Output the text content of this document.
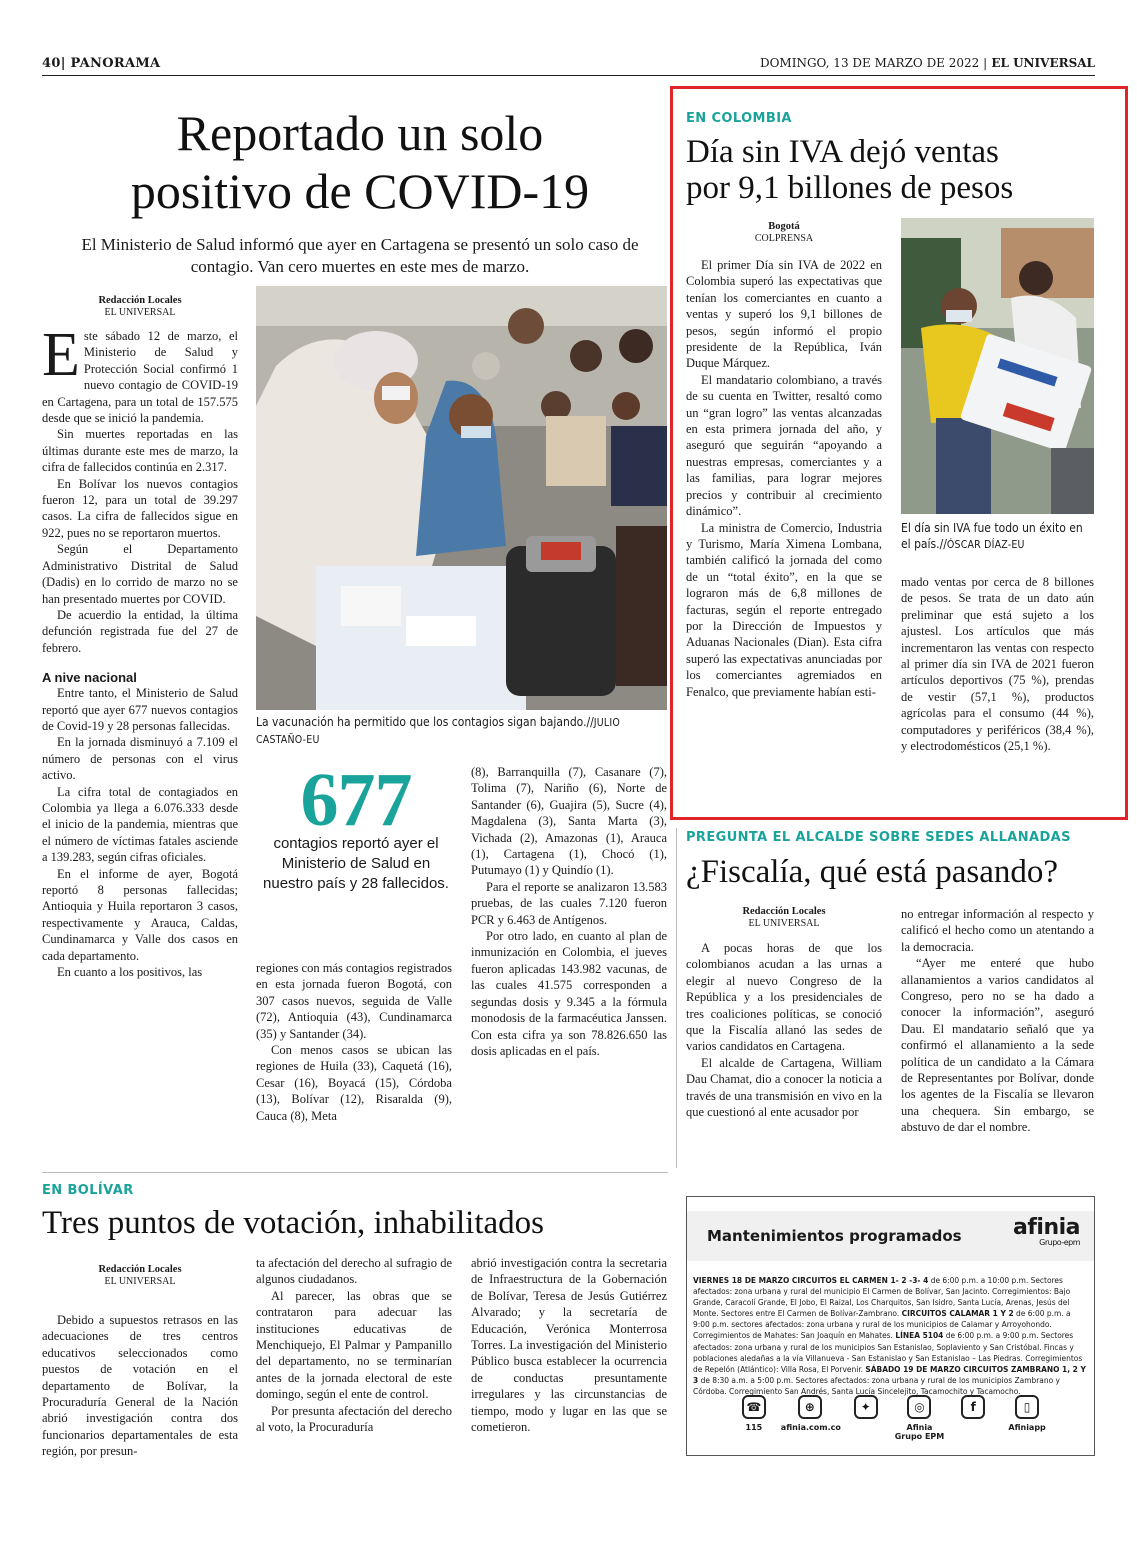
40| PANORAMA	DOMINGO, 13 DE MARZO DE 2022 | EL UNIVERSAL
Reportado un solo
positivo de COVID-19
El Ministerio de Salud informó que ayer en Cartagena se presentó un solo caso de contagio. Van cero muertes en este mes de marzo.
Redacción Locales
EL UNIVERSAL

Este sábado 12 de marzo, el Ministerio de Salud y Protección Social confirmó 1 nuevo contagio de COVID-19 en Cartagena, para un total de 157.575 desde que se inició la pandemia.

Sin muertes reportadas en las últimas durante este mes de marzo, la cifra de fallecidos continúa en 2.317.

En Bolívar los nuevos contagios fueron 12, para un total de 39.297 casos. La cifra de fallecidos sigue en 922, pues no se reportaron muertos.

Según el Departamento Administrativo Distrital de Salud (Dadis) en lo corrido de marzo no se han presentado muertes por COVID.

De acuerdio la entidad, la última defunción registrada fue del 27 de febrero.

A nive nacional

Entre tanto, el Ministerio de Salud reportó que ayer 677 nuevos contagios de Covid-19 y 28 personas fallecidas.

En la jornada disminuyó a 7.109 el número de personas con el virus activo.

La cifra total de contagiados en Colombia ya llega a 6.076.333 desde el inicio de la pandemia, mientras que el número de víctimas fatales asciende a 139.283, según cifras oficiales.

En el informe de ayer, Bogotá reportó 8 personas fallecidas; Antioquia y Huila reportaron 3 casos, respectivamente y Arauca, Caldas, Cundinamarca y Valle dos casos en cada departamento.

En cuanto a los positivos, las

La vacunación ha permitido que los contagios sigan bajando.//JULIO CASTAÑO-EU
677
contagios reportó ayer el Ministerio de Salud en nuestro país y 28 fallecidos.

regiones con más contagios registrados en esta jornada fueron Bogotá, con 307 casos nuevos, seguida de Valle (72), Antioquia (43), Cundinamarca (35) y Santander (34).

Con menos casos se ubican las regiones de Huila (33), Caquetá (16), Cesar (16), Boyacá (15), Córdoba (13), Bolívar (12), Risaralda (9), Cauca (8), Meta

(8), Barranquilla (7), Casanare (7), Tolima (7), Nariño (6), Norte de Santander (6), Guajira (5), Sucre (4), Magdalena (3), Santa Marta (3), Vichada (2), Amazonas (1), Arauca (1), Cartagena (1), Chocó (1), Putumayo (1) y Quindío (1).

Para el reporte se analizaron 13.583 pruebas, de las cuales 7.120 fueron PCR y 6.463 de Antígenos.

Por otro lado, en cuanto al plan de inmunización en Colombia, el jueves fueron aplicadas 143.982 vacunas, de las cuales 41.575 corresponden a segundas dosis y 9.345 a la fórmula monodosis de la farmacéutica Janssen. Con esta cifra ya son 78.826.650 las dosis aplicadas en el país.

EN COLOMBIA
Día sin IVA dejó ventas
por 9,1 billones de pesos
Bogotá
COLPRENSA

El primer Día sin IVA de 2022 en Colombia superó las expectativas que tenían los comerciantes en cuanto a ventas y superó los 9,1 billones de pesos, según informó el propio presidente de la República, Iván Duque Márquez.

El mandatario colombiano, a través de su cuenta en Twitter, resaltó como un “gran logro” las ventas alcanzadas en esta primera jornada del año, y aseguró que seguirán “apoyando a nuestras empresas, comerciantes y a las familias, para lograr mejores precios y contribuir al crecimiento dinámico”.

La ministra de Comercio, Industria y Turismo, María Ximena Lombana, también calificó la jornada del como de un “total éxito”, en la que se lograron más de 6,8 millones de facturas, según el reporte entregado por la Dirección de Impuestos y Aduanas Nacionales (Dian). Esta cifra superó las expectativas anunciadas por los comerciantes agremiados en Fenalco, que previamente habían esti-

El día sin IVA fue todo un éxito en el país.//ÓSCAR DÍAZ-EU

mado ventas por cerca de 8 billones de pesos. Se trata de un dato aún preliminar que está sujeto a los ajustesl. Los artículos que más incrementaron las ventas con respecto al primer día sin IVA de 2021 fueron artículos deportivos (75 %), prendas de vestir (57,1 %), productos agrícolas para el consumo (44 %), computadores y periféricos (38,4 %), y electrodomésticos (25,1 %).

PREGUNTA EL ALCALDE SOBRE SEDES ALLANADAS
¿Fiscalía, qué está pasando?
Redacción Locales
EL UNIVERSAL

A pocas horas de que los colombianos acudan a las urnas a elegir al nuevo Congreso de la República y a los presidenciales de tres coaliciones políticas, se conoció que la Fiscalía allanó las sedes de varios candidatos en Cartagena.

El alcalde de Cartagena, William Dau Chamat, dio a conocer la noticia a través de una transmisión en vivo en la que cuestionó al ente acusador por

no entregar información al respecto y calificó el hecho como un atentando a la democracia.

“Ayer me enteré que hubo allanamientos a varios candidatos al Congreso, pero no se ha dado a conocer la información”, aseguró Dau. El mandatario señaló que ya confirmó el allanamiento a la sede política de un candidato a la Cámara de Representantes por Bolívar, donde los agentes de la Fiscalía se llevaron una chequera. Sin embargo, se abstuvo de dar el nombre.

EN BOLÍVAR
Tres puntos de votación, inhabilitados
Redacción Locales
EL UNIVERSAL

Debido a supuestos retrasos en las adecuaciones de tres centros educativos seleccionados como puestos de votación en el departamento de Bolívar, la Procuraduría General de la Nación abrió investigación contra dos funcionarios departamentales de esta región, por presun-

ta afectación del derecho al sufragio de algunos ciudadanos.

Al parecer, las obras que se contrataron para adecuar las instituciones educativas de Menchiquejo, El Palmar y Pampanillo del departamento, no se terminarían antes de la jornada electoral de este domingo, según el ente de control.

Por presunta afectación del derecho al voto, la Procuraduría

abrió investigación contra la secretaria de Infraestructura de la Gobernación de Bolívar, Teresa de Jesús Gutiérrez Alvarado; y la secretaría de Educación, Verónica Monterrosa Torres. La investigación del Ministerio Público busca establecer la ocurrencia de conductas presuntamente irregulares y las circunstancias de tiempo, modo y lugar en las que se cometieron.

Mantenimientos programados afinia
Grupo-epm
VIERNES 18 DE MARZO CIRCUITOS EL CARMEN 1- 2 -3- 4 de 6:00 p.m. a 10:00 p.m. Sectores afectados: zona urbana y rural del municipio El Carmen de Bolívar, San Jacinto. Corregimientos: Bajo Grande, Caracolí Grande, El Jobo, El Raizal, Los Charquitos, San Isidro, Santa Lucía, Arenas, Jesús del Monte. Sectores entre El Carmen de Bolívar-Zambrano. CIRCUITOS CALAMAR 1 Y 2 de 6:00 p.m. a 9:00 p.m. sectores afectados: zona urbana y rural de los municipios de Calamar y Arroyohondo. Corregimientos de Mahates: San Joaquín en Mahates. LÍNEA 5104 de 6:00 p.m. a 9:00 p.m. Sectores afectados: zona urbana y rural de los municipios San Estanislao, Soplaviento y San Cristóbal. Fincas y poblaciones aledañas a la vía Villanueva - San Estanislao y San Estanislao – Las Piedras. Corregimientos de Repelón (Atlántico): Villa Rosa, El Porvenir. SÁBADO 19 DE MARZO CIRCUITOS ZAMBRANO 1, 2 Y 3 de 8:30 a.m. a 5:00 p.m. Sectores afectados: zona urbana y rural de los municipios Zambrano y Córdoba. Corregimiento San Andrés, Santa Lucía Sincelejito, Tacamochito y Tacamocho.
☎
115
⊕
afinia.com.co
✦	◎
Afinia Grupo EPM
f	▯
Afiniapp
